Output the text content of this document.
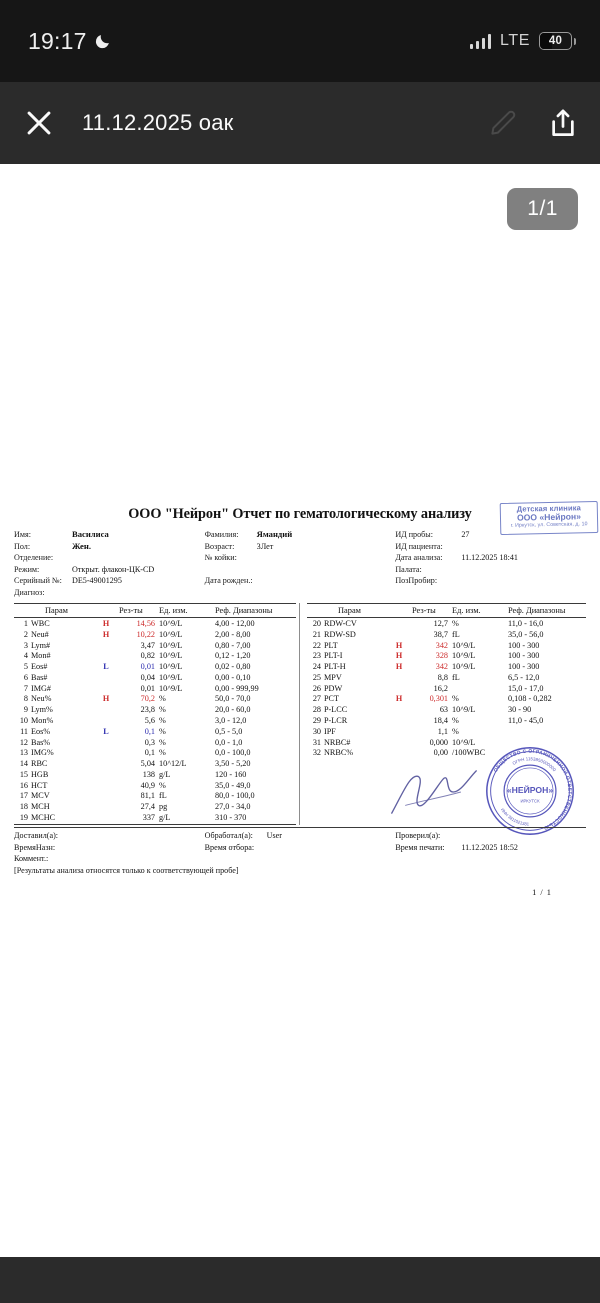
19:17	LTE	40
11.12.2025 оак
1/1
ООО "Нейрон" Отчет по гематологическому анализу	Детская клиника
ООО «Нейрон»
г. Иркутск, ул. Советская, д. 10
Имя:	Василиса
Пол:	Жен.
Отделение:
Режим:	Открыт. флакон-ЦК-CD
Серийный №:	DE5-49001295
Диагноз:
Фамилия:	Ямандий
Возраст:	3Лет
№ койки:
Дата рожден.:
ИД пробы:	27
ИД пациента:
Дата анализа:	11.12.2025 18:41
Палата:
ПозПробир:
	Парам		Рез-ты	Ед. изм.	Реф. Диапазоны
1	WBC	H	14,56	10^9/L	4,00 - 12,00
2	Neu#	H	10,22	10^9/L	2,00 - 8,00
3	Lym#		3,47	10^9/L	0,80 - 7,00
4	Mon#		0,82	10^9/L	0,12 - 1,20
5	Eos#	L	0,01	10^9/L	0,02 - 0,80
6	Bas#		0,04	10^9/L	0,00 - 0,10
7	IMG#		0,01	10^9/L	0,00 - 999,99
8	Neu%	H	70,2	%	50,0 - 70,0
9	Lym%		23,8	%	20,0 - 60,0
10	Mon%		5,6	%	3,0 - 12,0
11	Eos%	L	0,1	%	0,5 - 5,0
12	Bas%		0,3	%	0,0 - 1,0
13	IMG%		0,1	%	0,0 - 100,0
14	RBC		5,04	10^12/L	3,50 - 5,20
15	HGB		138	g/L	120 - 160
16	HCT		40,9	%	35,0 - 49,0
17	MCV		81,1	fL	80,0 - 100,0
18	MCH		27,4	pg	27,0 - 34,0
19	MCHC		337	g/L	310 - 370
	Парам		Рез-ты	Ед. изм.	Реф. Диапазоны
20	RDW-CV		12,7	%	11,0 - 16,0
21	RDW-SD		38,7	fL	35,0 - 56,0
22	PLT	H	342	10^9/L	100 - 300
23	PLT-I	H	328	10^9/L	100 - 300
24	PLT-H	H	342	10^9/L	100 - 300
25	MPV		8,8	fL	6,5 - 12,0
26	PDW		16,2		15,0 - 17,0
27	PCT	H	0,301	%	0,108 - 0,282
28	P-LCC		63	10^9/L	30 - 90
29	P-LCR		18,4	%	11,0 - 45,0
30	IPF		1,1	%	
31	NRBC#		0,000	10^9/L	
32	NRBC%		0,00	/100WBC	
ОБЩЕСТВО С ОГРАНИЧЕННОЙ ОТВЕТСТВЕННОСТЬЮ
ОГРН 1153850000000
ИНН 3811021381
«НЕЙРОН»
ИРКУТСК
Доставил(а):
ВремяНазн:
Обработал(а):	User
Время отбора:
Проверил(а):
Время печати:	11.12.2025 18:52
Коммент.:
[Результаты анализа относятся только к соответствующей пробе]
1 / 1
